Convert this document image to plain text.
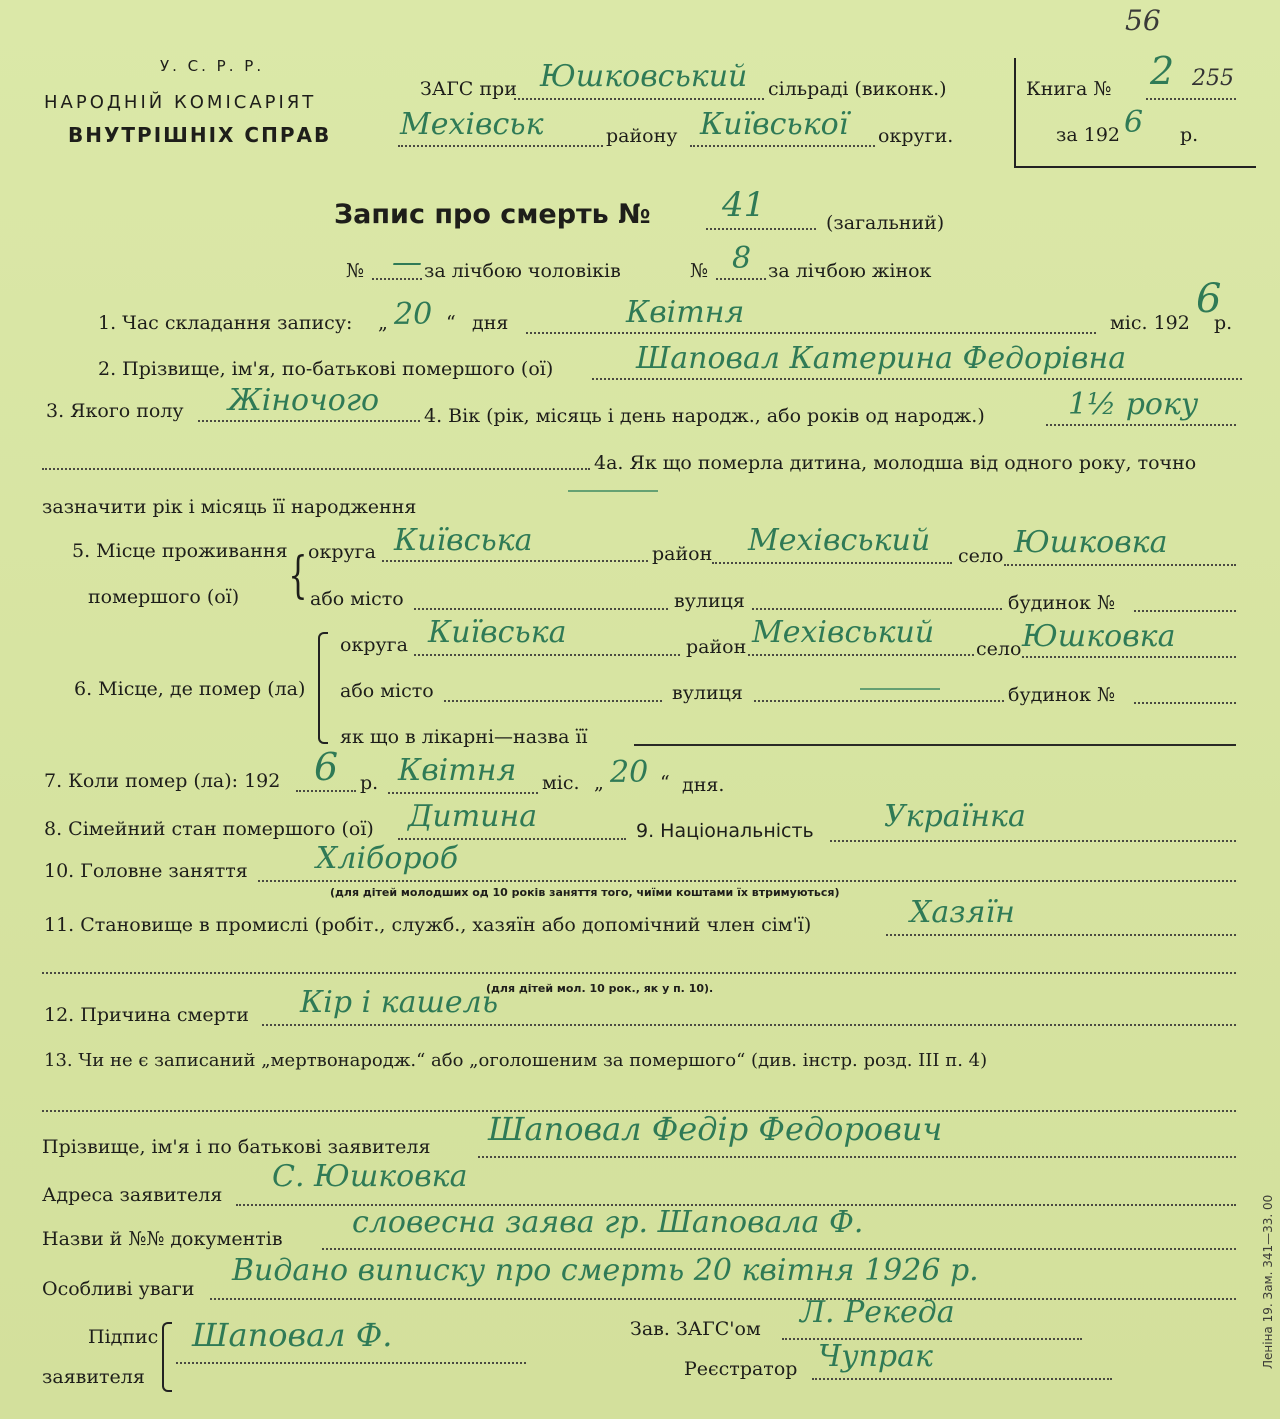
56
У. С. Р. Р.
НАРОДНІЙ КОМІСАРІЯТ
ВНУТРІШНІХ СПРАВ
ЗАГС при Юшковський сільраді (виконк.)
Мехівськ	району Київської округи.
Книга № 2 255
за 192 6 р.
Запис про смерть № 41	(загальний)
№ — за лічбою чоловіків	№ 8 за лічбою жінок
1. Час складання запису: „ 20 “ дня	Квітня	міс. 192
6
р.
2. Прізвище, ім'я, по-батькові помершого (ої)	Шаповал Катерина Федорівна
3. Якого полу Жіночого 4. Вік (рік, місяць і день народж., або років од народж.)	1½ року
4а. Як що померла дитина, молодша від одного року, точно
зазначити рік і місяць її народження
5. Місце проживання
помершого (ої) { округа Київська	район Мехівський село Юшковка
або місто	вулиця	будинок №
6. Місце, де помер (ла)
округа Київська	район Мехівський село Юшковка
або місто	вулиця	будинок №
як що в лікарні—назва її
7. Коли помер (ла): 192 6 р. Квітня міс. „ 20 “ дня.
8. Сімейний стан помершого (ої) Дитина	9. Національність Українка
10. Головне заняття Хлібороб
(для дітей молодших од 10 років заняття того, чиїми коштами їх втримуються)
11. Становище в промислі (робіт., служб., хазяїн або допомічний член сім'ї)	Хазяїн
(для дітей мол. 10 рок., як у п. 10).
12. Причина смерти Кір і кашель
13. Чи не є записаний „мертвонародж.“ або „оголошеним за помершого“ (див. інстр. розд. III п. 4)
Прізвище, ім'я і по батькові заявителя Шаповал Федір Федорович
Адреса заявителя
С. Юшковка
Назви й №№ документів словесна заява гр. Шаповала Ф.
Особливі уваги
Видано виписку про смерть 20 квітня 1926 р.
Підпис
заявителя
Шаповал Ф.	Зав. ЗАГС'ом Л. Рекеда
Реєстратор Чупрак	Леніна 19. Зам. 341—33. 00
